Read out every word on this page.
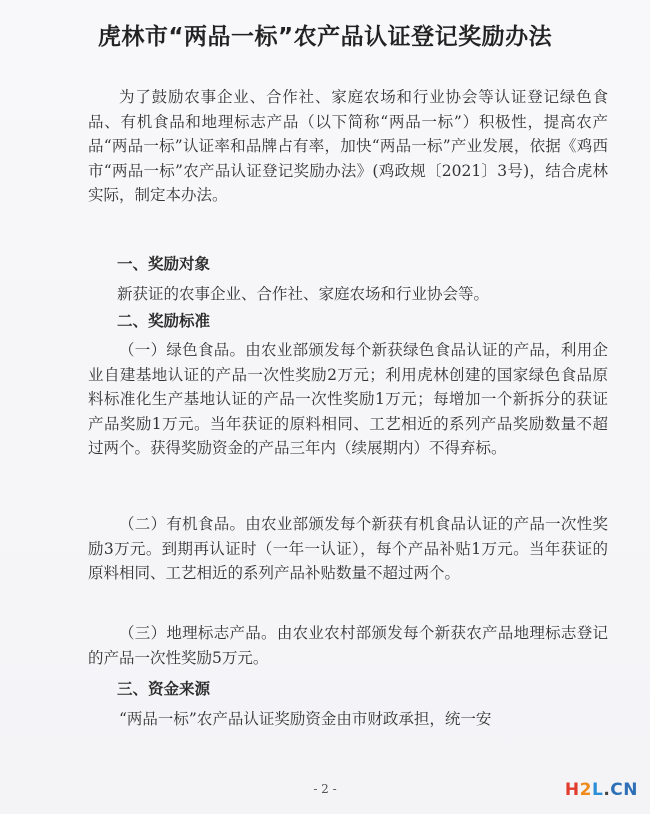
虎林市“两品一标”农产品认证登记奖励办法

为了鼓励农事企业、合作社、家庭农场和行业协会等认证登记绿色食品、有机食品和地理标志产品（以下简称“两品一标”）积极性，提高农产品“两品一标”认证率和品牌占有率，加快“两品一标”产业发展，依据《鸡西市“两品一标”农产品认证登记奖励办法》(鸡政规〔2021〕3号)，结合虎林实际，制定本办法。

一、奖励对象
新获证的农事企业、合作社、家庭农场和行业协会等。
二、奖励标准

（一）绿色食品。由农业部颁发每个新获绿色食品认证的产品，利用企业自建基地认证的产品一次性奖励2万元；利用虎林创建的国家绿色食品原料标准化生产基地认证的产品一次性奖励1万元；每增加一个新拆分的获证产品奖励1万元。当年获证的原料相同、工艺相近的系列产品奖励数量不超过两个。获得奖励资金的产品三年内（续展期内）不得弃标。

（二）有机食品。由农业部颁发每个新获有机食品认证的产品一次性奖励3万元。到期再认证时（一年一认证），每个产品补贴1万元。当年获证的原料相同、工艺相近的系列产品补贴数量不超过两个。

（三）地理标志产品。由农业农村部颁发每个新获农产品地理标志登记的产品一次性奖励5万元。

三、资金来源

“两品一标”农产品认证奖励资金由市财政承担，统一安

- 2 -	H2L.CN
